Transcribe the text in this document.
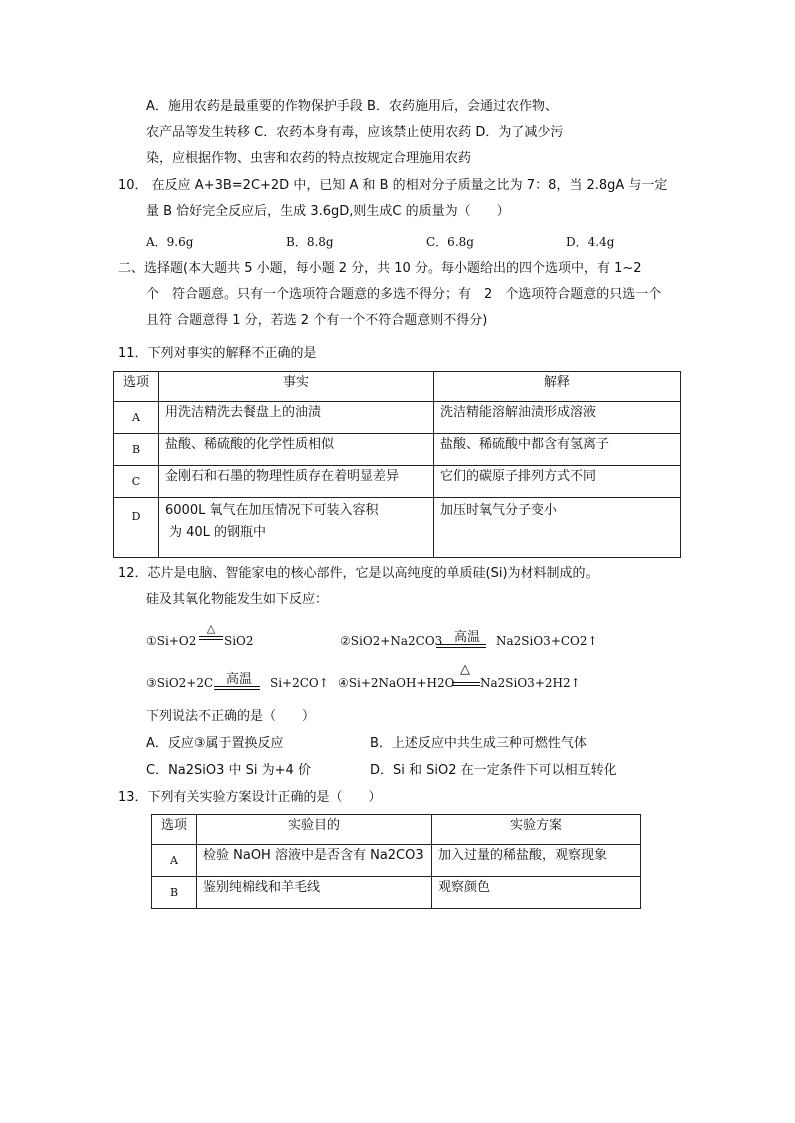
A．施用农药是最重要的作物保护手段 B．农药施用后，会通过农作物、
农产品等发生转移 C．农药本身有毒，应该禁止使用农药 D．为了减少污
染，应根据作物、虫害和农药的特点按规定合理施用农药
10． 在反应 A+3B=2C+2D 中，已知 A 和 B 的相对分子质量之比为 7：8，当 2.8gA 与一定
量 B 恰好完全反应后，生成 3.6gD,则生成C 的质量为（　　）
A．9.6g	B．8.8g	C．6.8g	D．4.4g
二、选择题(本大题共 5 小题，每小题 2 分，共 10 分。每小题给出的四个选项中，有 1~2
个　符合题意。只有一个选项符合题意的多选不得分；有　2　个选项符合题意的只选一个
且符 合题意得 1 分，若选 2 个有一个不符合题意则不得分)
11．下列对事实的解释不正确的是
选项	事实	解释
A	用洗洁精洗去餐盘上的油渍	洗洁精能溶解油渍形成溶液
B	盐酸、稀硫酸的化学性质相似	盐酸、稀硫酸中都含有氢离子
C	金刚石和石墨的物理性质存在着明显差异	它们的碳原子排列方式不同
D	6000L 氧气在加压情况下可装入容积
为 40L 的钢瓶中	加压时氧气分子变小
12．芯片是电脑、智能家电的核心部件，它是以高纯度的单质硅(Si)为材料制成的。
硅及其氧化物能发生如下反应：
①Si+O2
△
SiO2	②SiO2+Na2CO3 高温	Na2SiO3+CO2↑
③SiO2+2C 高温	Si+2CO↑ ④Si+2NaOH+H2O
△
Na2SiO3+2H2↑
下列说法不正确的是（　　）
A．反应③属于置换反应	B．上述反应中共生成三种可燃性气体
C．Na2SiO3 中 Si 为+4 价	D．Si 和 SiO2 在一定条件下可以相互转化
13．下列有关实验方案设计正确的是（　　）
选项	实验目的	实验方案
A	检验 NaOH 溶液中是否含有 Na2CO3	加入过量的稀盐酸，观察现象
B	鉴别纯棉线和羊毛线	观察颜色
